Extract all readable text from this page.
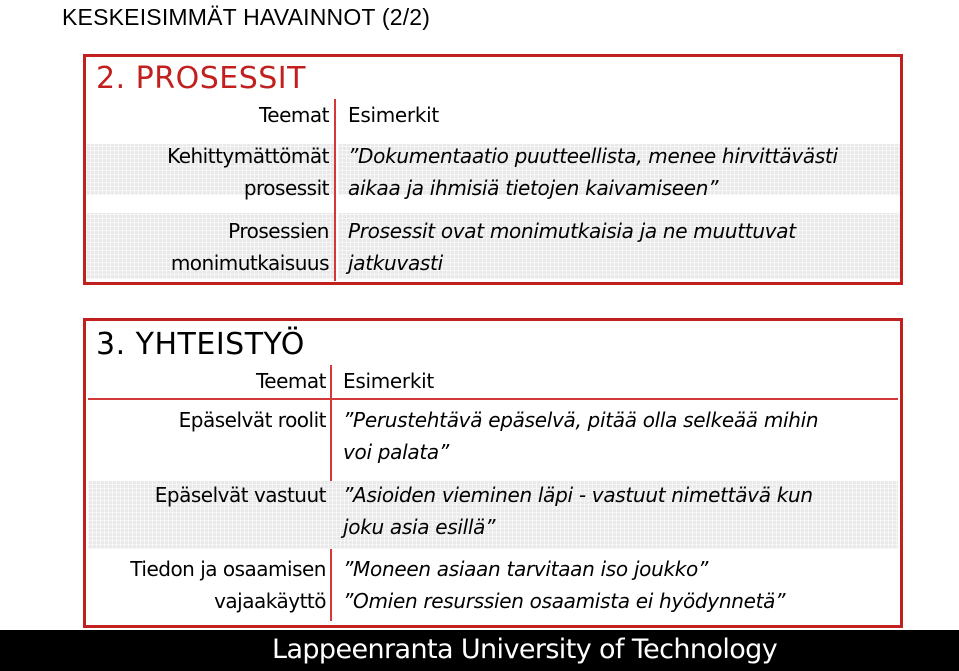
KESKEISIMMÄT HAVAINNOT (2/2)
2. PROSESSIT
Teemat Esimerkit
Kehittymättömät
prosessit
”Dokumentaatio puutteellista, menee hirvittävästi
aikaa ja ihmisiä tietojen kaivamiseen”
Prosessien
monimutkaisuus
Prosessit ovat monimutkaisia ja ne muuttuvat
jatkuvasti
3. YHTEISTYÖ
Teemat Esimerkit
Epäselvät roolit ”Perustehtävä epäselvä, pitää olla selkeää mihin
voi palata”
Epäselvät vastuut ”Asioiden vieminen läpi - vastuut nimettävä kun
joku asia esillä”
Tiedon ja osaamisen
vajaakäyttö
”Moneen asiaan tarvitaan iso joukko”
”Omien resurssien osaamista ei hyödynnetä”
Lappeenranta University of Technology
